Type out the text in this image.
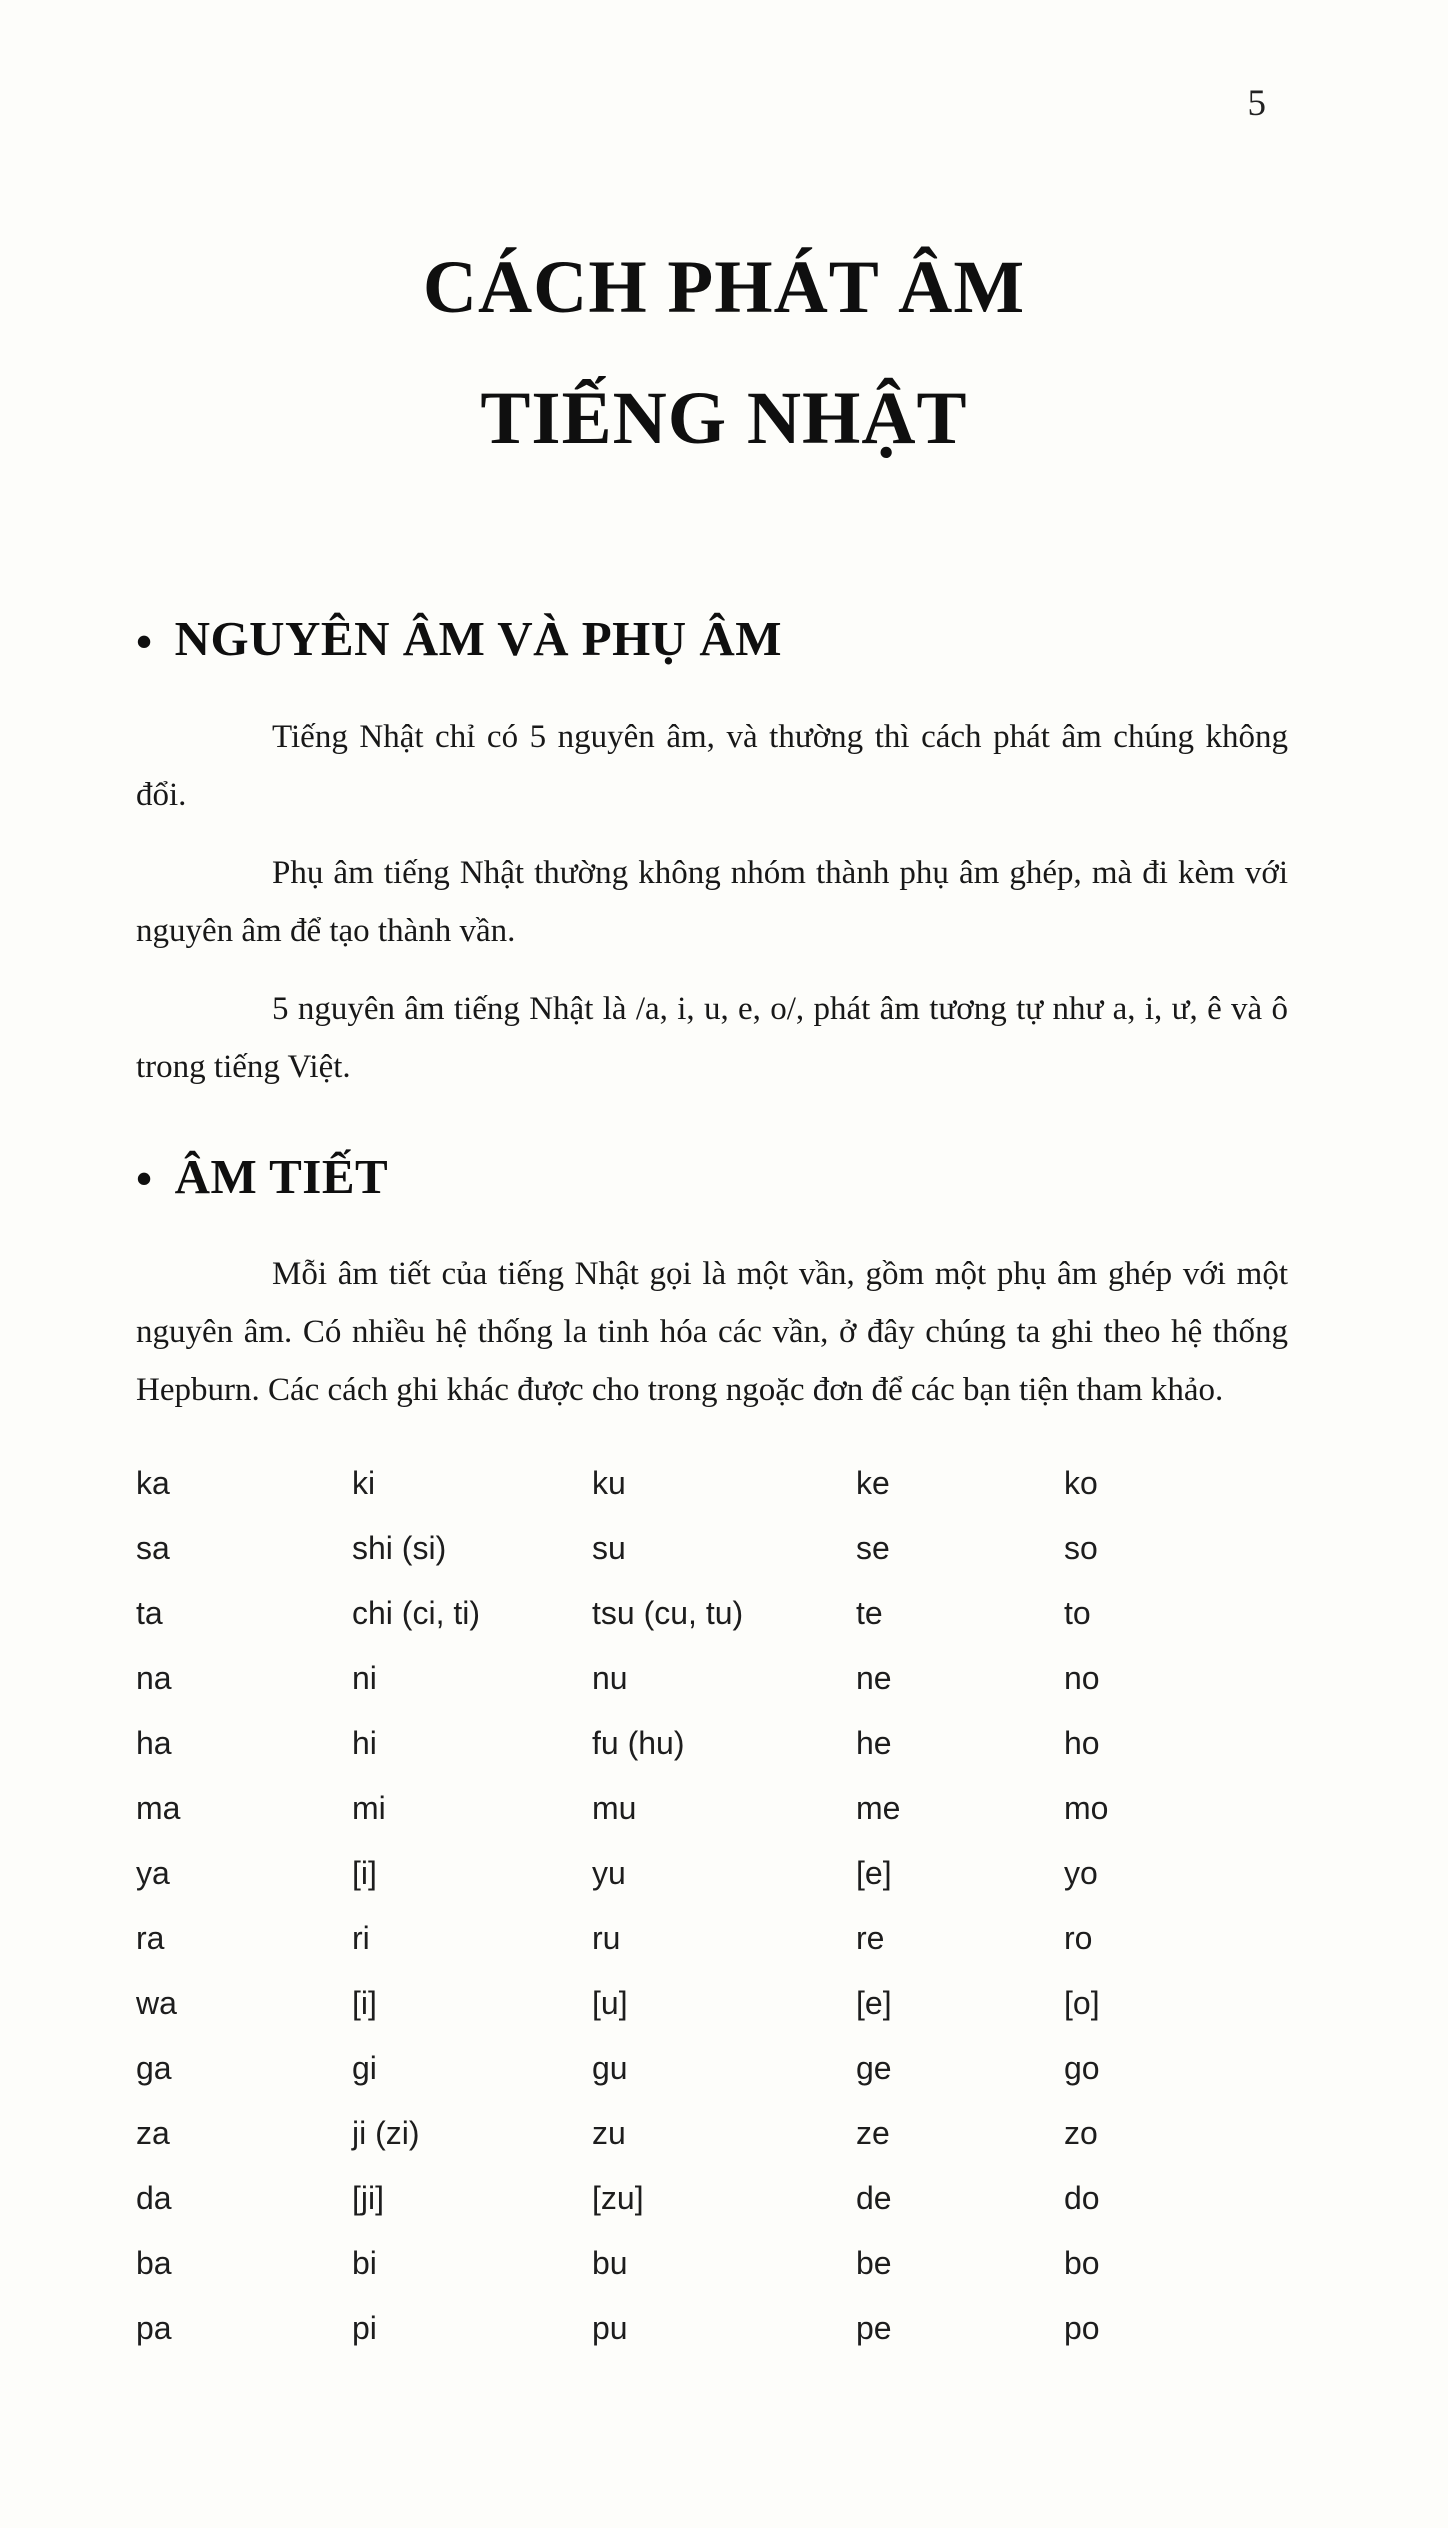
5
CÁCH PHÁT ÂM
TIẾNG NHẬT
• NGUYÊN ÂM VÀ PHỤ ÂM

Tiếng Nhật chỉ có 5 nguyên âm, và thường thì cách phát âm chúng không đổi.

Phụ âm tiếng Nhật thường không nhóm thành phụ âm ghép, mà đi kèm với nguyên âm để tạo thành vần.

5 nguyên âm tiếng Nhật là /a, i, u, e, o/, phát âm tương tự như a, i, ư, ê và ô trong tiếng Việt.

• ÂM TIẾT

Mỗi âm tiết của tiếng Nhật gọi là một vần, gồm một phụ âm ghép với một nguyên âm. Có nhiều hệ thống la tinh hóa các vần, ở đây chúng ta ghi theo hệ thống Hepburn. Các cách ghi khác được cho trong ngoặc đơn để các bạn tiện tham khảo.

ka	ki	ku	ke	ko
sa	shi (si)	su	se	so
ta	chi (ci, ti)	tsu (cu, tu)	te	to
na	ni	nu	ne	no
ha	hi	fu (hu)	he	ho
ma	mi	mu	me	mo
ya	[i]	yu	[e]	yo
ra	ri	ru	re	ro
wa	[i]	[u]	[e]	[o]
ga	gi	gu	ge	go
za	ji (zi)	zu	ze	zo
da	[ji]	[zu]	de	do
ba	bi	bu	be	bo
pa	pi	pu	pe	po
